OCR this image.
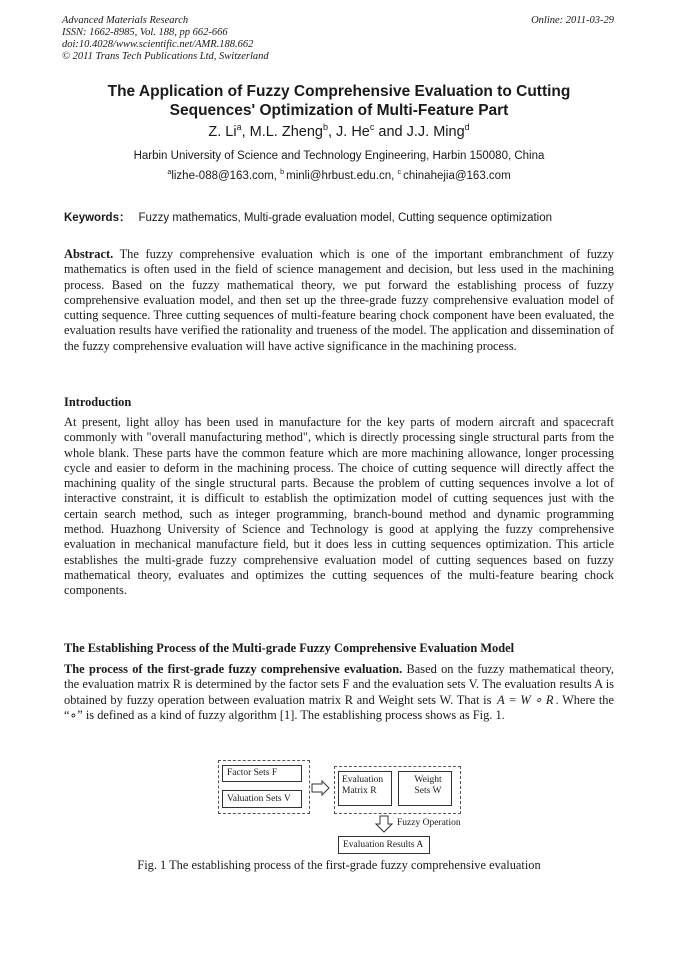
Advanced Materials Research
ISSN: 1662-8985, Vol. 188, pp 662-666
doi:10.4028/www.scientific.net/AMR.188.662
© 2011 Trans Tech Publications Ltd, Switzerland
Online: 2011-03-29
The Application of Fuzzy Comprehensive Evaluation to Cutting
Sequences' Optimization of Multi-Feature Part
Z. Li$^a$, M.L. Zheng$^b$, J. He$^c$ and J.J. Ming$^d$
Harbin University of Science and Technology Engineering, Harbin 150080, China
$^a$lizhe-088@163.com, $^b$ minli@hrbust.edu.cn, $^c$ chinahejia@163.com
Keywords： Fuzzy mathematics, Multi-grade evaluation model, Cutting sequence optimization
Abstract. The fuzzy comprehensive evaluation which is one of the important embranchment of fuzzy mathematics is often used in the field of science management and decision, but less used in the machining process. Based on the fuzzy mathematical theory, we put forward the establishing process of fuzzy comprehensive evaluation model, and then set up the three-grade fuzzy comprehensive evaluation model of cutting sequence. Three cutting sequences of multi-feature bearing chock component have been evaluated, the evaluation results have verified the rationality and trueness of the model. The application and dissemination of the fuzzy comprehensive evaluation will have active significance in the machining process.
Introduction
At present, light alloy has been used in manufacture for the key parts of modern aircraft and spacecraft commonly with "overall manufacturing method", which is directly processing single structural parts from the whole blank. These parts have the common feature which are more machining allowance, longer processing cycle and easier to deform in the machining process. The choice of cutting sequence will directly affect the machining quality of the single structural parts. Because the problem of cutting sequences involve a lot of interactive constraint, it is difficult to establish the optimization model of cutting sequences just with the certain search method, such as integer programming, branch-bound method and dynamic programming method. Huazhong University of Science and Technology is good at applying the fuzzy comprehensive evaluation in mechanical manufacture field, but it does less in cutting sequences optimization. This article establishes the multi-grade fuzzy comprehensive evaluation model of cutting sequences based on fuzzy mathematical theory, evaluates and optimizes the cutting sequences of the multi-feature bearing chock components.
The Establishing Process of the Multi-grade Fuzzy Comprehensive Evaluation Model
The process of the first-grade fuzzy comprehensive evaluation. Based on the fuzzy mathematical theory, the evaluation matrix R is determined by the factor sets F and the evaluation sets V. The evaluation results A is obtained by fuzzy operation between evaluation matrix R and Weight sets W. That is A = W ∘ R . Where the “∘” is defined as a kind of fuzzy algorithm [1]. The establishing process shows as Fig. 1.
Factor Sets F
Valuation Sets V
Evaluation
Matrix R
Weight
Sets W
Fuzzy Operation
Evaluation Results A
Fig. 1 The establishing process of the first-grade fuzzy comprehensive evaluation
